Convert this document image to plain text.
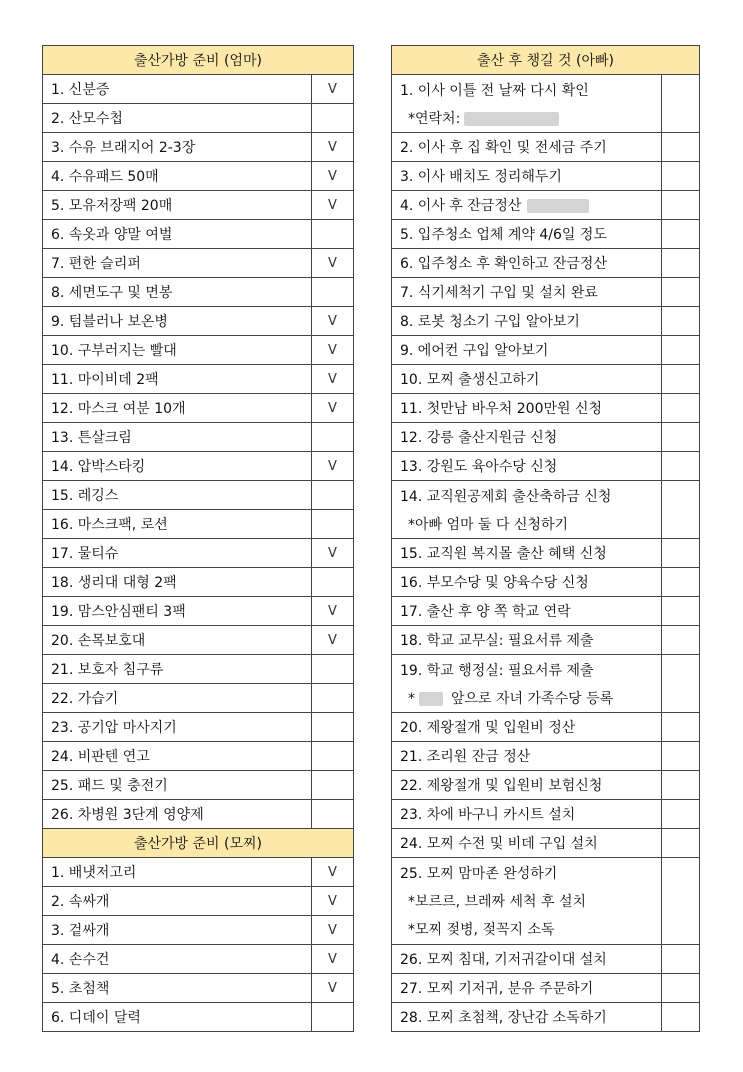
출산가방 준비 (엄마)	
1. 신분증	V
2. 산모수첩	
3. 수유 브래지어 2-3장	V
4. 수유패드 50매	V
5. 모유저장팩 20매	V
6. 속옷과 양말 여벌	
7. 편한 슬리퍼	V
8. 세면도구 및 면봉	
9. 텀블러나 보온병	V
10. 구부러지는 빨대	V
11. 마이비데 2팩	V
12. 마스크 여분 10개	V
13. 튼살크림	
14. 압박스타킹	V
15. 레깅스	
16. 마스크팩, 로션	
17. 물티슈	V
18. 생리대 대형 2팩	
19. 맘스안심팬티 3팩	V
20. 손목보호대	V
21. 보호자 침구류	
22. 가습기	
23. 공기압 마사지기	
24. 비판텐 연고	
25. 패드 및 충전기	
26. 차병원 3단계 영양제	
출산가방 준비 (모찌)	
1. 배냇저고리	V
2. 속싸개	V
3. 겉싸개	V
4. 손수건	V
5. 초첨책	V
6. 디데이 달력	
출산 후 챙길 것 (아빠)	

1. 이사 이틀 전 날짜 다시 확인
*연락처:	

2. 이사 후 집 확인 및 전세금 주기	

3. 이사 배치도 정리해두기	

4. 이사 후 잔금정산	

5. 입주청소 업체 계약 4/6일 정도	

6. 입주청소 후 확인하고 잔금정산	

7. 식기세척기 구입 및 설치 완료	

8. 로봇 청소기 구입 알아보기	

9. 에어컨 구입 알아보기	

10. 모찌 출생신고하기	

11. 첫만남 바우처 200만원 신청	

12. 강릉 출산지원금 신청	

13. 강원도 육아수당 신청	

14. 교직원공제회 출산축하금 신청
*아빠 엄마 둘 다 신청하기	

15. 교직원 복지몰 출산 혜택 신청	

16. 부모수당 및 양육수당 신청	

17. 출산 후 양 쪽 학교 연락	

18. 학교 교무실: 필요서류 제출	

19. 학교 행정실: 필요서류 제출
* 앞으로 자녀 가족수당 등록	

20. 제왕절개 및 입원비 정산	

21. 조리원 잔금 정산	

22. 제왕절개 및 입원비 보험신청	

23. 차에 바구니 카시트 설치	

24. 모찌 수전 및 비데 구입 설치	

25. 모찌 맘마존 완성하기
*보르르, 브레짜 세척 후 설치
*모찌 젖병, 젖꼭지 소독	

26. 모찌 침대, 기저귀갈이대 설치	

27. 모찌 기저귀, 분유 주문하기	

28. 모찌 초첨책, 장난감 소독하기	
